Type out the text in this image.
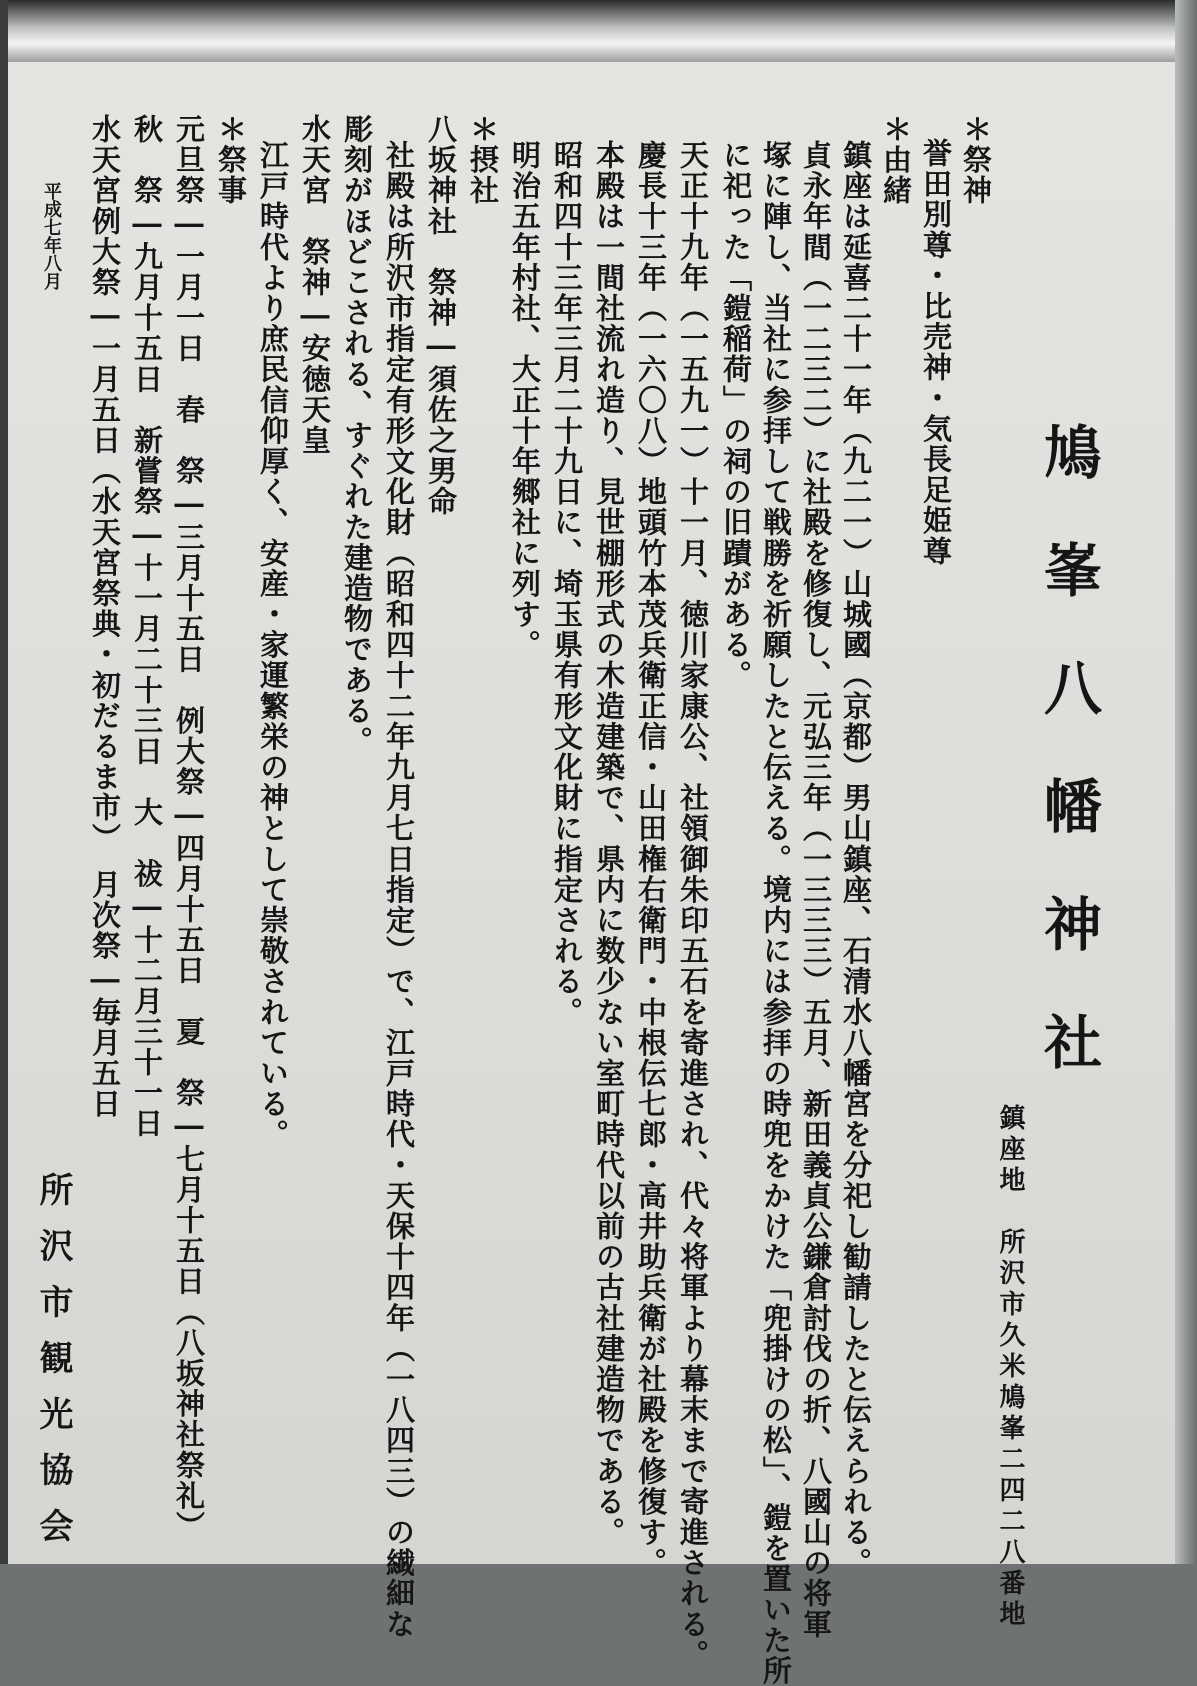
鳩峯八幡神社

鎮座地　所沢市久米鳩峯二四二八番地

＊祭神

誉田別尊・比売神・気長足姫尊

＊由緒

鎮座は延喜二十一年（九二一）山城國（京都）男山鎮座、石清水八幡宮を分祀し勧請したと伝えられる。

貞永年間（一二三二）に社殿を修復し、元弘三年（一三三三）五月、新田義貞公鎌倉討伐の折、八國山の将軍

塚に陣し、当社に参拝して戦勝を祈願したと伝える。境内には参拝の時兜をかけた「兜掛けの松」、鎧を置いた所

に祀った「鎧稲荷」の祠の旧蹟がある。

天正十九年（一五九一）十一月、徳川家康公、社領御朱印五石を寄進され、代々将軍より幕末まで寄進される。

慶長十三年（一六〇八）地頭竹本茂兵衛正信・山田権右衛門・中根伝七郎・高井助兵衛が社殿を修復す。

本殿は一間社流れ造り、見世棚形式の木造建築で、県内に数少ない室町時代以前の古社建造物である。

昭和四十三年三月二十九日に、埼玉県有形文化財に指定される。

明治五年村社、大正十年郷社に列す。

＊摂社

八坂神社　祭神―須佐之男命

社殿は所沢市指定有形文化財（昭和四十二年九月七日指定）で、江戸時代・天保十四年（一八四三）の繊細な

彫刻がほどこされる、すぐれた建造物である。

水天宮　祭神―安徳天皇

江戸時代より庶民信仰厚く、安産・家運繁栄の神として崇敬されている。

＊祭事

元旦祭―一月一日　春　祭―三月十五日　例大祭―四月十五日　夏　祭―七月十五日（八坂神社祭礼）

秋　祭―九月十五日　新嘗祭―十一月二十三日　大　祓―十二月三十一日

水天宮例大祭―一月五日（水天宮祭典・初だるま市）　月次祭―毎月五日

平成七年八月

所沢市観光協会
